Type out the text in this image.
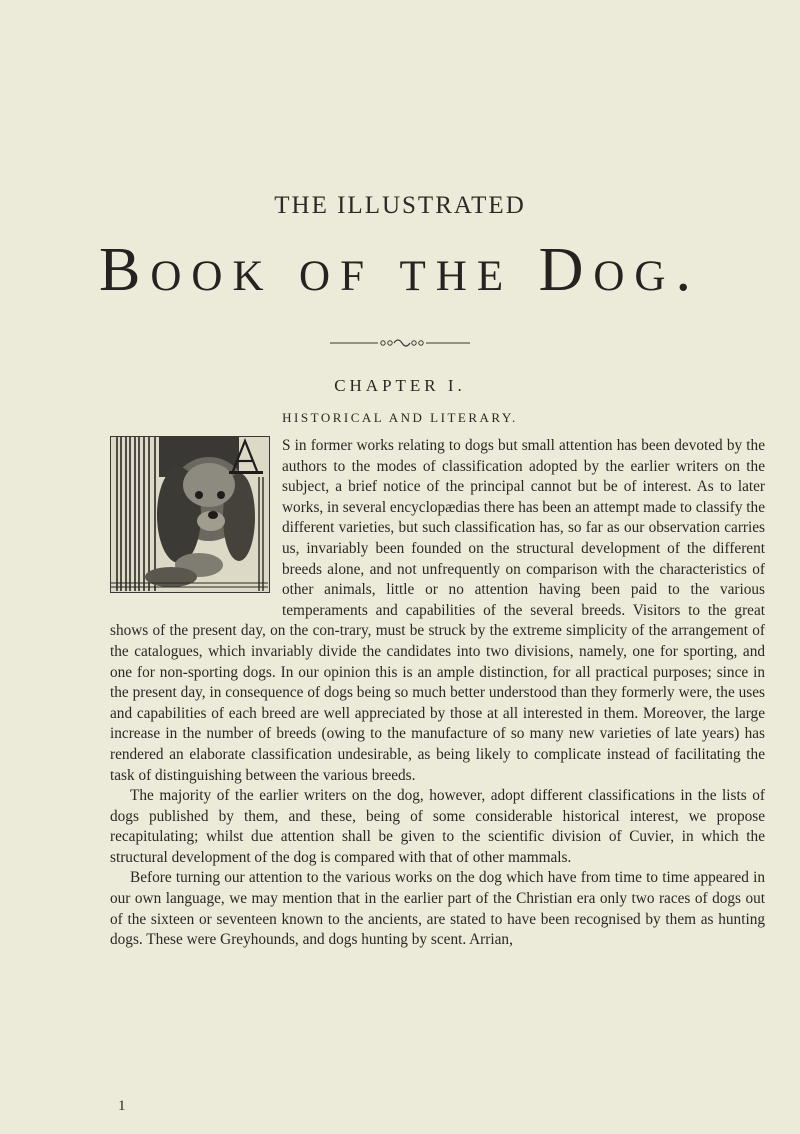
THE ILLUSTRATED
Book of the Dog.
CHAPTER I.
HISTORICAL AND LITERARY.

S in former works relating to dogs but small attention has been devoted by the authors to the modes of classification adopted by the earlier writers on the subject, a brief notice of the principal cannot but be of interest. As to later works, in several encyclopædias there has been an attempt made to classify the different varieties, but such classification has, so far as our observation carries us, invariably been founded on the structural development of the different breeds alone, and not unfrequently on comparison with the characteristics of other animals, little or no attention having been paid to the various temperaments and capabilities of the several breeds. Visitors to the great shows of the present day, on the con-trary, must be struck by the extreme simplicity of the arrangement of the catalogues, which invariably divide the candidates into two divisions, namely, one for sporting, and one for non-sporting dogs. In our opinion this is an ample distinction, for all practical purposes; since in the present day, in consequence of dogs being so much better understood than they formerly were, the uses and capabilities of each breed are well appreciated by those at all interested in them. Moreover, the large increase in the number of breeds (owing to the manufacture of so many new varieties of late years) has rendered an elaborate classification undesirable, as being likely to complicate instead of facilitating the task of distinguishing between the various breeds.

The majority of the earlier writers on the dog, however, adopt different classifications in the lists of dogs published by them, and these, being of some considerable historical interest, we propose recapitulating; whilst due attention shall be given to the scientific division of Cuvier, in which the structural development of the dog is compared with that of other mammals.

Before turning our attention to the various works on the dog which have from time to time appeared in our own language, we may mention that in the earlier part of the Christian era only two races of dogs out of the sixteen or seventeen known to the ancients, are stated to have been recognised by them as hunting dogs. These were Greyhounds, and dogs hunting by scent. Arrian,

1
